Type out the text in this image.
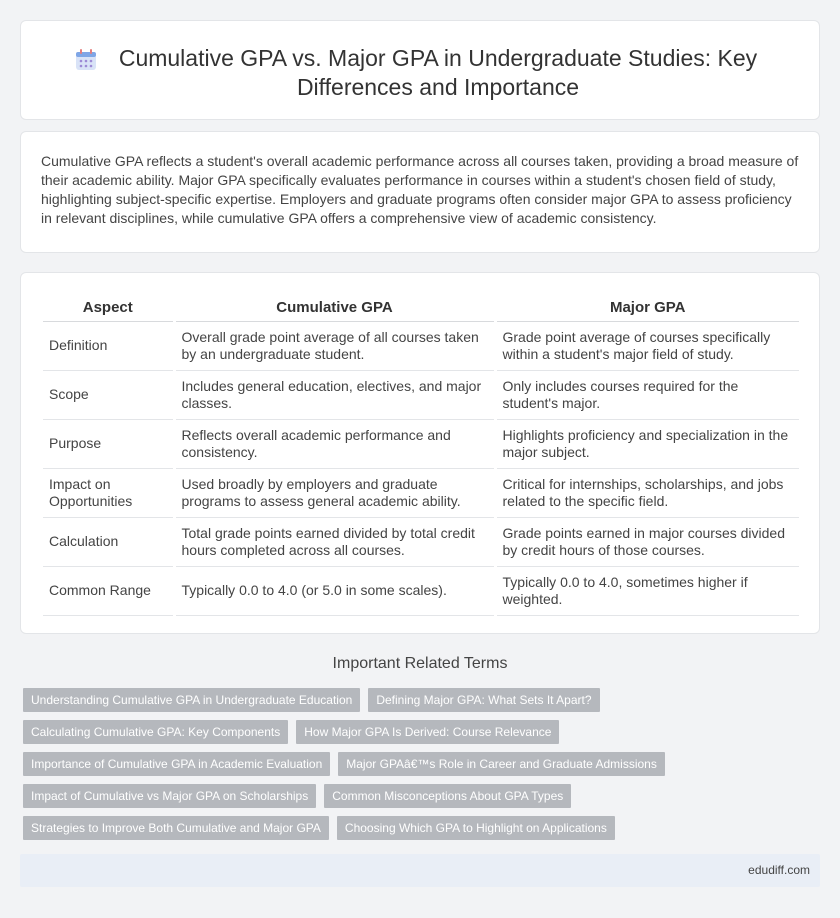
Cumulative GPA vs. Major GPA in Undergraduate Studies: Key Differences and Importance

Cumulative GPA reflects a student's overall academic performance across all courses taken, providing a broad measure of their academic ability. Major GPA specifically evaluates performance in courses within a student's chosen field of study, highlighting subject-specific expertise. Employers and graduate programs often consider major GPA to assess proficiency in relevant disciplines, while cumulative GPA offers a comprehensive view of academic consistency.

Aspect	Cumulative GPA	Major GPA
Definition	Overall grade point average of all courses taken by an undergraduate student.	Grade point average of courses specifically within a student's major field of study.
Scope	Includes general education, electives, and major classes.	Only includes courses required for the student's major.
Purpose	Reflects overall academic performance and consistency.	Highlights proficiency and specialization in the major subject.
Impact on Opportunities	Used broadly by employers and graduate programs to assess general academic ability.	Critical for internships, scholarships, and jobs related to the specific field.
Calculation	Total grade points earned divided by total credit hours completed across all courses.	Grade points earned in major courses divided by credit hours of those courses.
Common Range	Typically 0.0 to 4.0 (or 5.0 in some scales).	Typically 0.0 to 4.0, sometimes higher if weighted.
Important Related Terms
Understanding Cumulative GPA in Undergraduate Education	Defining Major GPA: What Sets It Apart?
Calculating Cumulative GPA: Key Components	How Major GPA Is Derived: Course Relevance
Importance of Cumulative GPA in Academic Evaluation	Major GPAâ€™s Role in Career and Graduate Admissions
Impact of Cumulative vs Major GPA on Scholarships	Common Misconceptions About GPA Types
Strategies to Improve Both Cumulative and Major GPA	Choosing Which GPA to Highlight on Applications
edudiff.com
